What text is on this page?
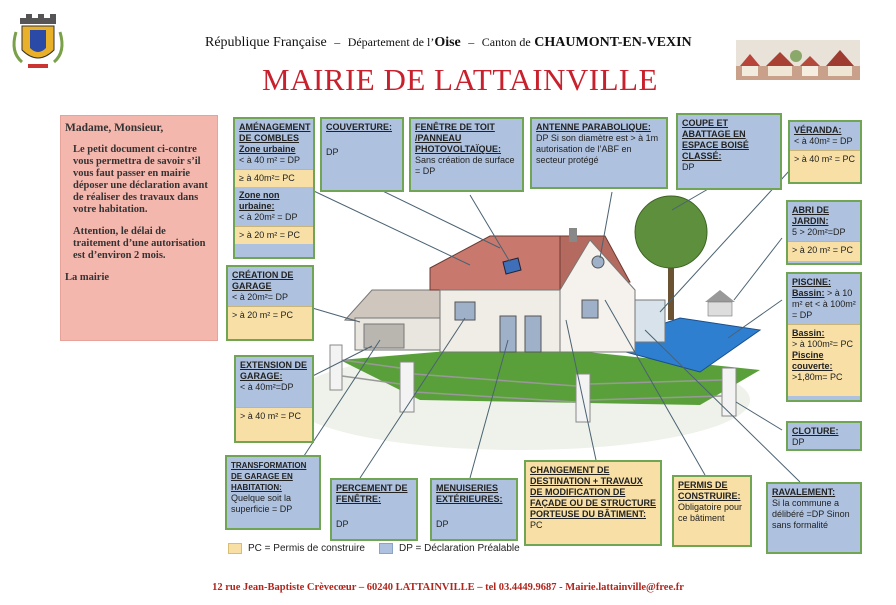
République Française – Département de l’Oise – Canton de CHAUMONT-EN-VEXIN
MAIRIE DE LATTAINVILLE
Madame, Monsieur,

Le petit document ci-contre vous permettra de savoir s’il vous faut passer en mairie déposer une déclaration avant de réaliser des travaux dans votre habitation.

Attention, le délai de traitement d’une autorisation est d’environ 2 mois.

La mairie
AMÉNAGEMENT DE COMBLES
Zone urbaine
< à 40 m² = DP
≥ à 40m²= PC
Zone non urbaine:
< à 20m² = DP
> à 20 m² = PC
CRÉATION DE GARAGE
< à 20m²= DP
> à 20 m² = PC
EXTENSION DE GARAGE:
< à 40m²=DP
> à 40 m² = PC
TRANSFORMATION DE GARAGE EN HABITATION:
Quelque soit la superficie = DP
COUVERTURE:
DP
FENÊTRE DE TOIT /PANNEAU PHOTOVOLTAÏQUE:
Sans création de surface = DP
ANTENNE PARABOLIQUE:
DP Si son diamètre est > à 1m autorisation de l’ABF en secteur protégé
COUPE ET ABATTAGE EN ESPACE BOISÉ CLASSÉ:
DP
VÉRANDA:
< à 40m² = DP
> à 40 m² = PC
ABRI DE JARDIN:
5 > 20m²=DP
> à 20 m² = PC
PISCINE:
Bassin: > à 10 m² et < à 100m² = DP
Bassin:
> à 100m²= PC
Piscine couverte:
>1,80m= PC
CLOTURE:
DP
RAVALEMENT:
Si la commune a délibéré =DP Sinon sans formalité
PERCEMENT DE FENÊTRE:
DP
MENUISERIES EXTÉRIEURES:
DP
CHANGEMENT DE DESTINATION + TRAVAUX DE MODIFICATION DE FAÇADE OU DE STRUCTURE PORTEUSE DU BÂTIMENT:
PC
PERMIS DE CONSTRUIRE:
Obligatoire pour ce bâtiment
PC = Permis de construire	DP = Déclaration Préalable
12 rue Jean-Baptiste Crèvecœur – 60240 LATTAINVILLE – tel 03.4449.9687 - Mairie.lattainville@free.fr
